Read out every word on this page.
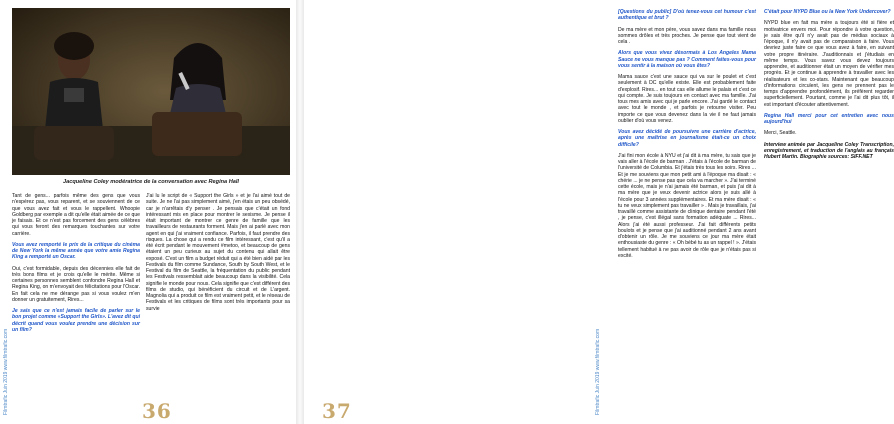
Jacqueline Coley modératrice de la conversation avec Regina Hall

Tant de gens... parfois même des gens que vous n'espérez pas, vous reparent, et se souviennent de ce que vous avez fait et vous le rappellent. Whoopie Goldberg par exemple a dit qu'elle était aimée de ce que je faisais. Et ce n'est pas forcement des gens célèbres qui vous feront des remarques touchantes sur votre carrière.

Vous avez remporté le prix de la critique du cinéma de New York la même année que votre amie Regina King a remporté un Oscar.

Oui, c'est formidable, depuis des décennies elle fait de très bons films et je crois qu'elle le mérite. Même si certaines personnes semblent confondre Regina Hall et Regina King, on m'envoyait des félicitations pour l'Oscar. En fait cela ne me dérange pas si vous voulez m'en donner un gratuitement, Rires...

Je sais que ce n'est jamais facile de parler sur le bon projet comme «Support the Girls». L'avez dit qui décrit quand vous voulez prendre une décision sur un film?

J'ai lu le script de « Support the Girls » et je l'ai aimé tout de suite. Je ne l'ai pas simplement aimé, j'en étais un peu obsédé, car je n'arrêtais d'y penser . Je pensais que c'était un fond intéressant mis en place pour montrer le sexisme. Je pense il était important de montrer ce genre de famille que les travailleurs de restaurants forment. Mais j'en ai parlé avec mon agent en qui j'ai vraiment confiance. Parfois, il faut prendre des risques. La chose qui a rendu ce film intéressant, c'est qu'il a été écrit pendant le mouvement #metoo, et beaucoup de gens étaient un peu curieux au sujet du contenu qui allait être exposé. C'est un film a budget réduit qui a été bien aidé par les Festivals du film comme Sundance, South by South West, et le Festival du film de Seattle, la fréquentation du public pendant les Festivals ressemblait aide beaucoup dans la visibilité. Cela signifie le monde pour nous. Cela signifie que c'est différent des films de studio, qui bénéficient du circuit et de L'argent. Magnolia qui a produit ce film est vraiment petit, et le réseau de Festivals et les critiques de films sont très importants pour sa survie

36
Filmtrafic Juin 2019 www.filmtrafic.com

[Questions du public] D'où tenez-vous cet humour c'est authentique et brut ?

De ma mère et mon père, vous savez dans ma famille nous sommes drôles et très proches. Je pense que tout vient de cela .

Alors que vous vivez désormais à Los Angeles Mama Sauce ne vous manque pas ? Comment faites-vous pour vous sentir à la maison où vous êtes?

Mama sauce c'est une sauce qui va sur le poulet et c'est seulement à DC qu'elle existe. Elle est probablement faite d'explosif. Rires... en tout cas elle allume le palais et c'est ce qui compte. Je suis toujours en contact avec ma famille. J'ai tous mes amis avec qui je parle encore. J'ai gardé le contact avec tout le monde , et parfois je retourne visiter. Peu importe ce que vous devenez dans la vie il ne faut jamais oublier d'où vous venez.

Vous avez décidé de poursuivre une carrière d'actrice, après une maîtrise en journalisme était-ce un choix difficile?

J'ai fini mon école à NYU et j'ai dit à ma mère, tu sais que je vais aller à l'école de barman . J'étais à l'école de barman de l'université de Columbia. Et j'étais très tous les soirs. Rires ... Et je me souviens que mon petit ami à l'époque ma disait : « chérie ... je ne pense pas que cela va marcher ». J'ai terminé cette école, mais je n'ai jamais été barman, et puis j'ai dit à ma mère que je veux devenir actrice alors je suis allé à l'école pour 3 années supplémentaires. Et ma mère disait : « tu ne veux simplement pas travailler » . Mais je travaillais, j'ai travaillé comme assistante de clinique dentaire pendant l'été , je pense, c'est illégal sans formation adéquate ... Rires... Alors j'ai été aussi professeur. J'ai fait différents petits boulots et je pense que j'ai auditionné pendant 2 ans avant d'obtenir un rôle. Je me souviens ce jour ma mère était enthousiaste du genre : « Oh bébé tu as un rappel ! ». J'étais tellement habitué à ne pas avoir de rôle que je n'étais pas si excité.

C'était pour NYPD Blue ou la New York Undercover?

NYPD blue en fait ma mère a toujours été si fière et motivatrice envers moi. Pour répondre à votre question, je sais être qu'il n'y avait pas de médias sociaux à l'époque, il n'y avait pas de comparaison à faire. Vous devriez juste faire ce que vous avez à faire, en suivant votre propre itinéraire. J'auditionnais et j'étudiais en même temps. Vous savez vous devez toujours apprendre, et auditionner était un moyen de vérifier mes progrès. Et je continue à apprendre à travailler avec les réalisateurs et les co-stars. Maintenant que beaucoup d'informations circulent, les gens ne prennent pas le temps d'apprendre profondément, ils préfèrent regarder superficiellement. Pourtant, comme je l'ai dit plus tôt, il est important d'écouter attentivement.

Regina Hall merci pour cet entretien avec nous aujourd'hui

Merci, Seattle.

Interview animée par Jacqueline Coley Transcription, enregistrement, et traduction de l'anglais au français Hubert Martin. Biographie sources: SIFF.NET

Filmtrafic Juin 2019 www.filmtrafic.com
37
